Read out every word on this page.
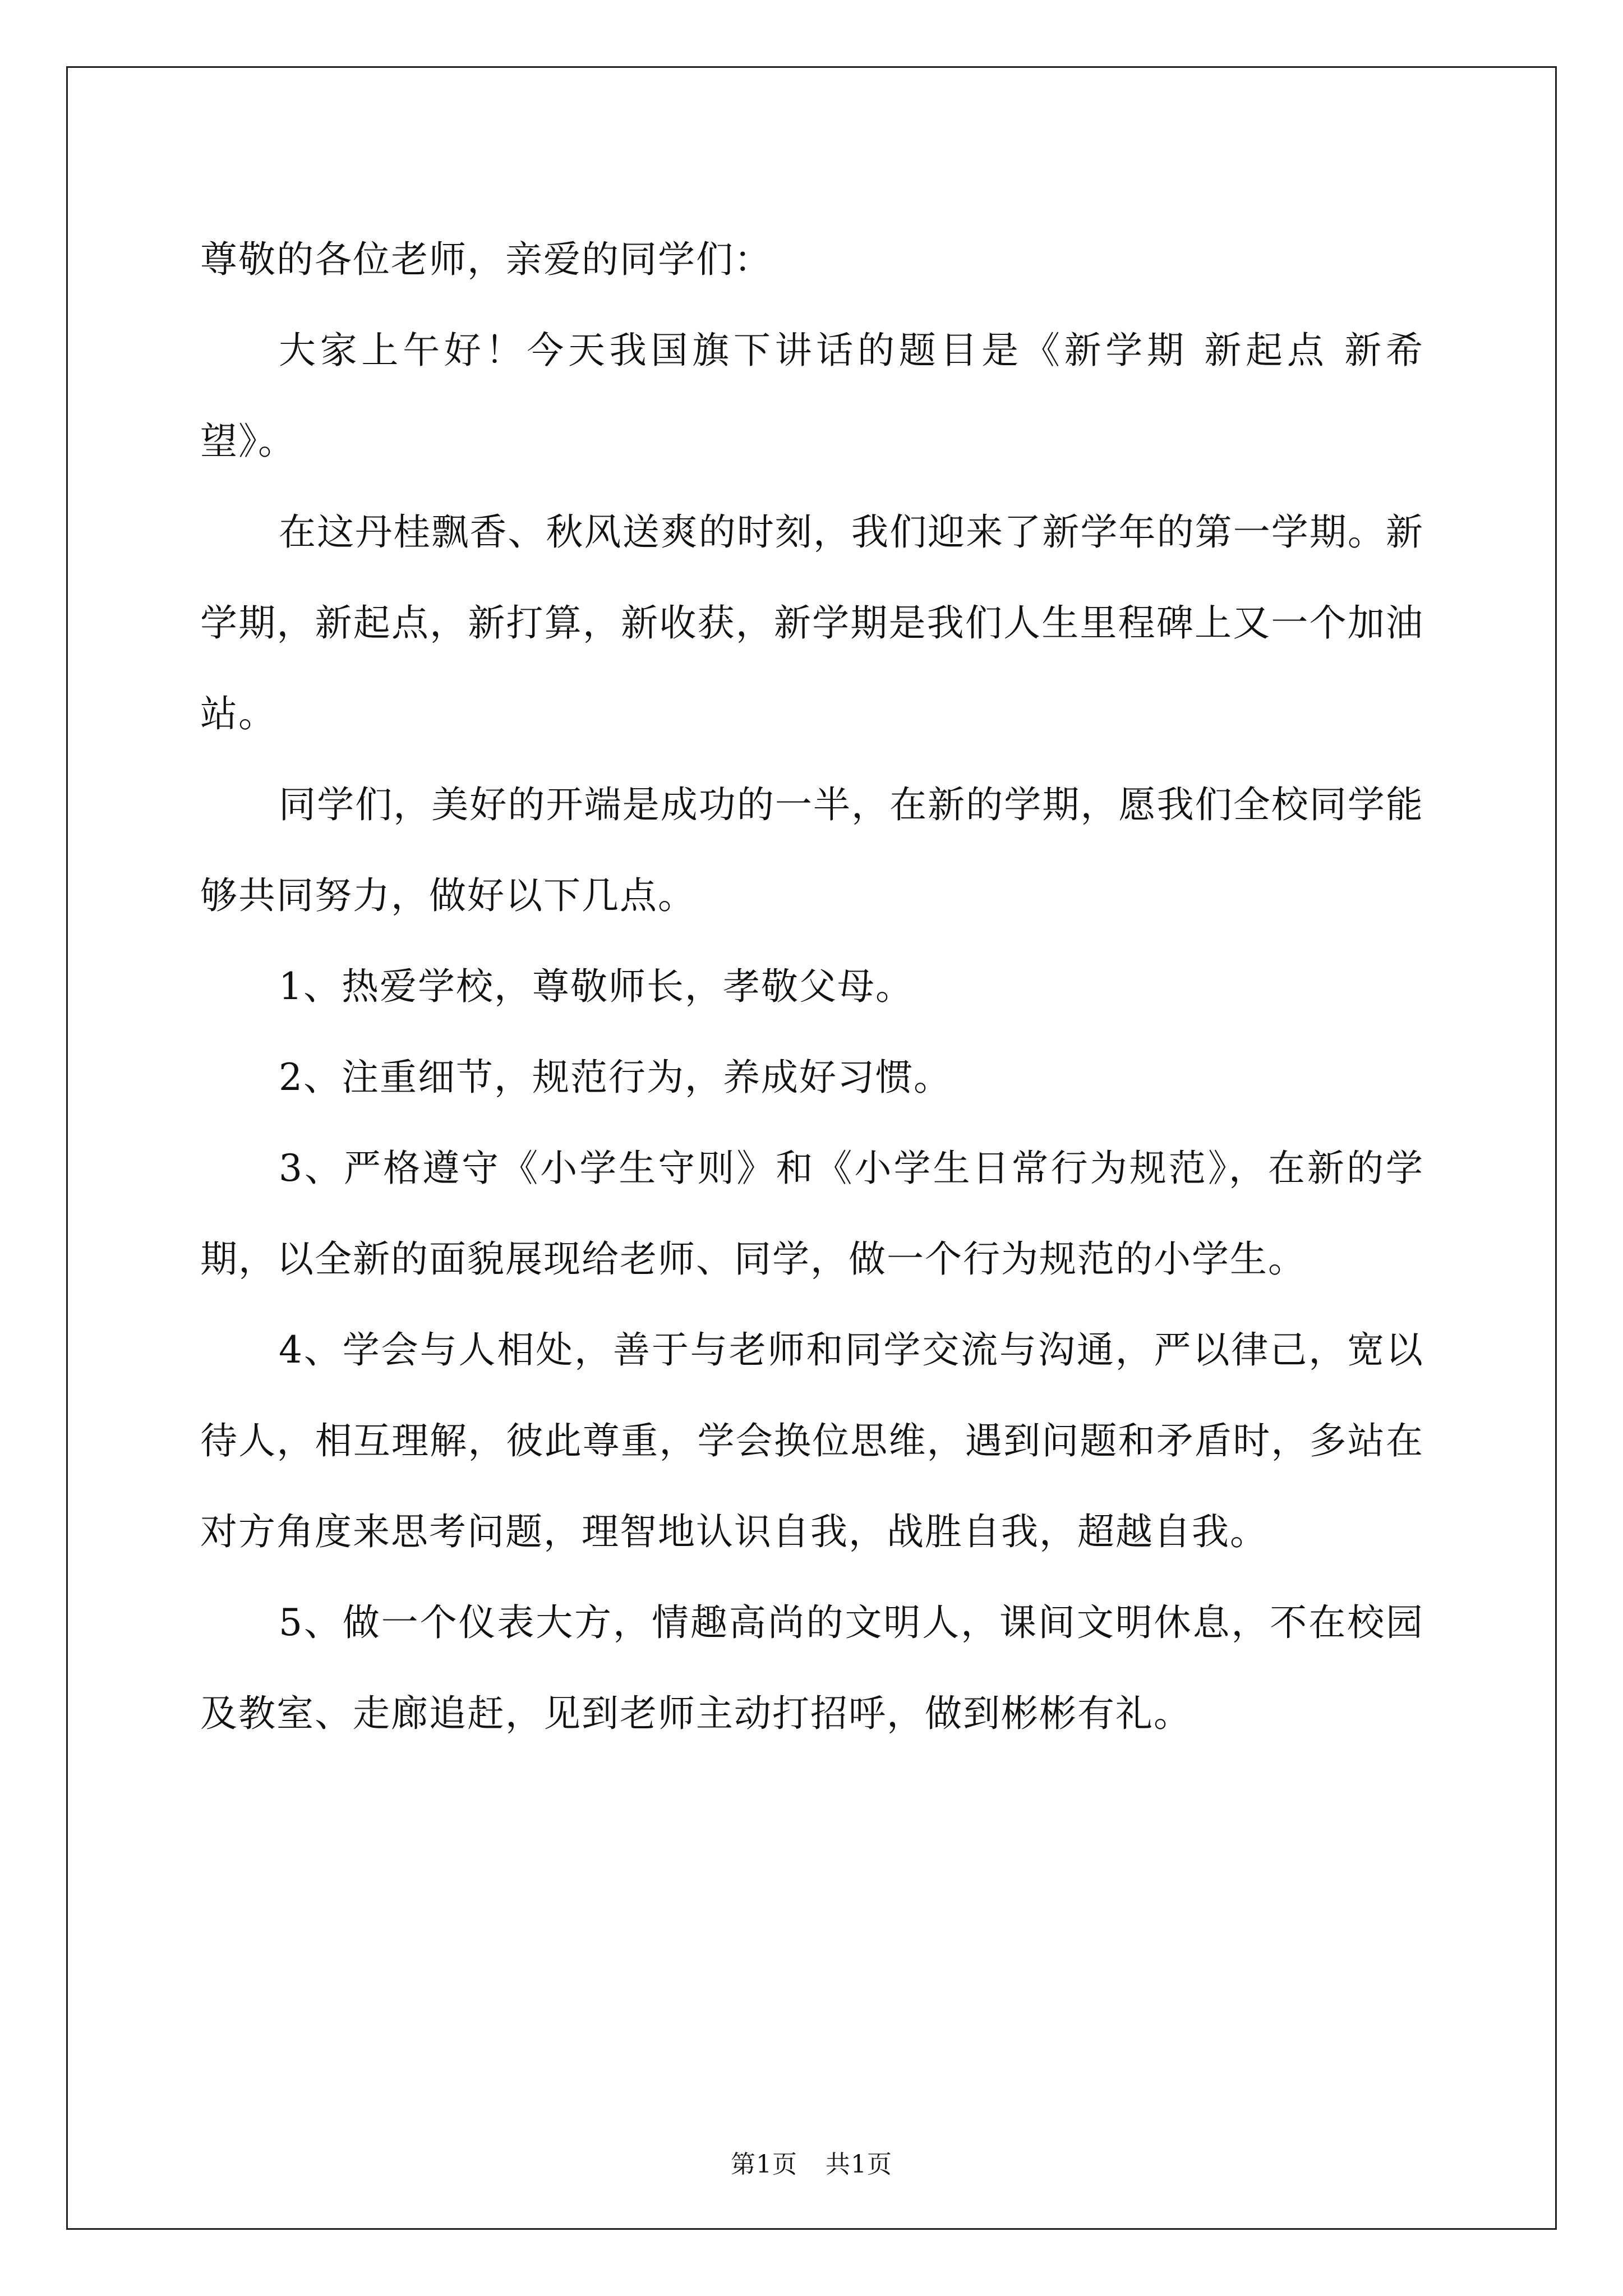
尊敬的各位老师，亲爱的同学们：

大家上午好！今天我国旗下讲话的题目是《新学期 新起点 新希望》。

在这丹桂飘香、秋风送爽的时刻，我们迎来了新学年的第一学期。新学期，新起点，新打算，新收获，新学期是我们人生里程碑上又一个加油站。

同学们，美好的开端是成功的一半，在新的学期，愿我们全校同学能够共同努力，做好以下几点。

1、热爱学校，尊敬师长，孝敬父母。

2、注重细节，规范行为，养成好习惯。

3、严格遵守《小学生守则》和《小学生日常行为规范》，在新的学期，以全新的面貌展现给老师、同学，做一个行为规范的小学生。

4、学会与人相处，善于与老师和同学交流与沟通，严以律己，宽以待人，相互理解，彼此尊重，学会换位思维，遇到问题和矛盾时，多站在对方角度来思考问题，理智地认识自我，战胜自我，超越自我。

5、做一个仪表大方，情趣高尚的文明人，课间文明休息，不在校园及教室、走廊追赶，见到老师主动打招呼，做到彬彬有礼。

第1页 共1页
